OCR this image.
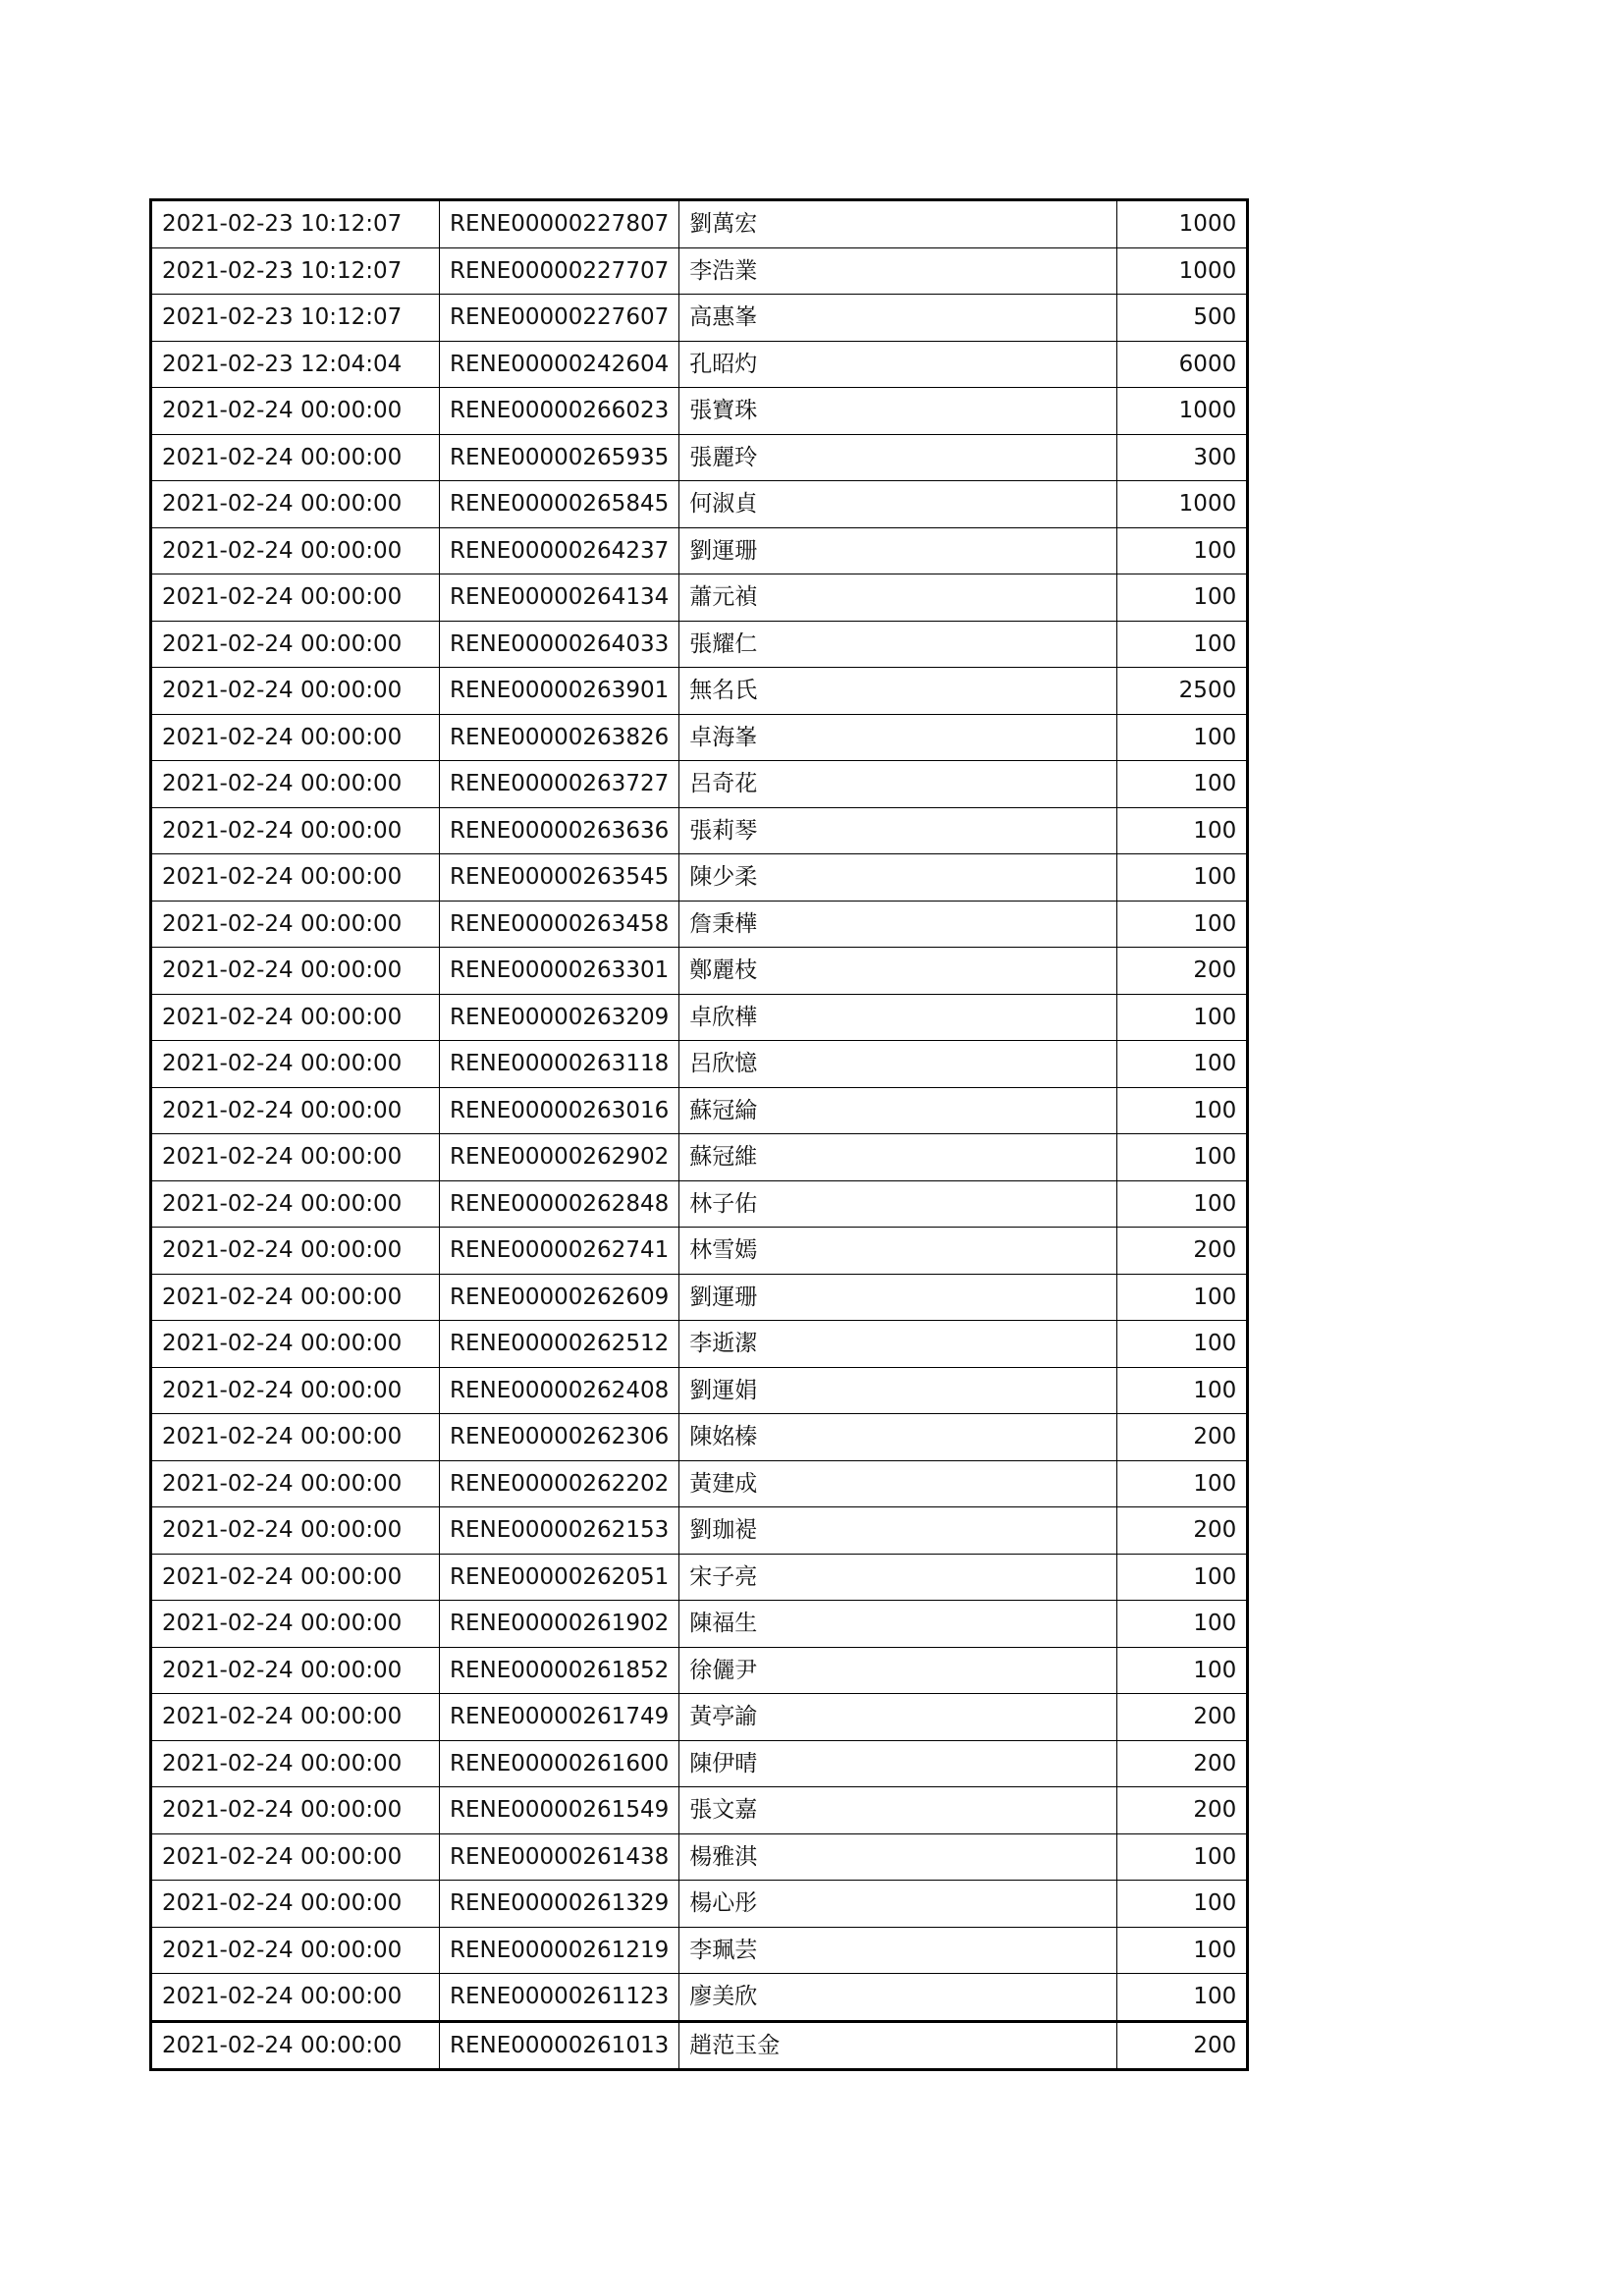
2021-02-23 10:12:07	RENE00000227807	劉萬宏	1000
2021-02-23 10:12:07	RENE00000227707	李浩業	1000
2021-02-23 10:12:07	RENE00000227607	高惠峯	500
2021-02-23 12:04:04	RENE00000242604	孔昭灼	6000
2021-02-24 00:00:00	RENE00000266023	張寶珠	1000
2021-02-24 00:00:00	RENE00000265935	張麗玲	300
2021-02-24 00:00:00	RENE00000265845	何淑貞	1000
2021-02-24 00:00:00	RENE00000264237	劉運珊	100
2021-02-24 00:00:00	RENE00000264134	蕭元禎	100
2021-02-24 00:00:00	RENE00000264033	張耀仁	100
2021-02-24 00:00:00	RENE00000263901	無名氏	2500
2021-02-24 00:00:00	RENE00000263826	卓海峯	100
2021-02-24 00:00:00	RENE00000263727	呂奇花	100
2021-02-24 00:00:00	RENE00000263636	張莉琴	100
2021-02-24 00:00:00	RENE00000263545	陳少柔	100
2021-02-24 00:00:00	RENE00000263458	詹秉樺	100
2021-02-24 00:00:00	RENE00000263301	鄭麗枝	200
2021-02-24 00:00:00	RENE00000263209	卓欣樺	100
2021-02-24 00:00:00	RENE00000263118	呂欣憶	100
2021-02-24 00:00:00	RENE00000263016	蘇冠綸	100
2021-02-24 00:00:00	RENE00000262902	蘇冠維	100
2021-02-24 00:00:00	RENE00000262848	林子佑	100
2021-02-24 00:00:00	RENE00000262741	林雪嫣	200
2021-02-24 00:00:00	RENE00000262609	劉運珊	100
2021-02-24 00:00:00	RENE00000262512	李逝潔	100
2021-02-24 00:00:00	RENE00000262408	劉運娟	100
2021-02-24 00:00:00	RENE00000262306	陳姳榛	200
2021-02-24 00:00:00	RENE00000262202	黃建成	100
2021-02-24 00:00:00	RENE00000262153	劉珈褆	200
2021-02-24 00:00:00	RENE00000262051	宋子亮	100
2021-02-24 00:00:00	RENE00000261902	陳福生	100
2021-02-24 00:00:00	RENE00000261852	徐儷尹	100
2021-02-24 00:00:00	RENE00000261749	黃亭諭	200
2021-02-24 00:00:00	RENE00000261600	陳伊晴	200
2021-02-24 00:00:00	RENE00000261549	張文嘉	200
2021-02-24 00:00:00	RENE00000261438	楊雅淇	100
2021-02-24 00:00:00	RENE00000261329	楊心彤	100
2021-02-24 00:00:00	RENE00000261219	李珮芸	100
2021-02-24 00:00:00	RENE00000261123	廖美欣	100
2021-02-24 00:00:00	RENE00000261013	趙范玉金	200
